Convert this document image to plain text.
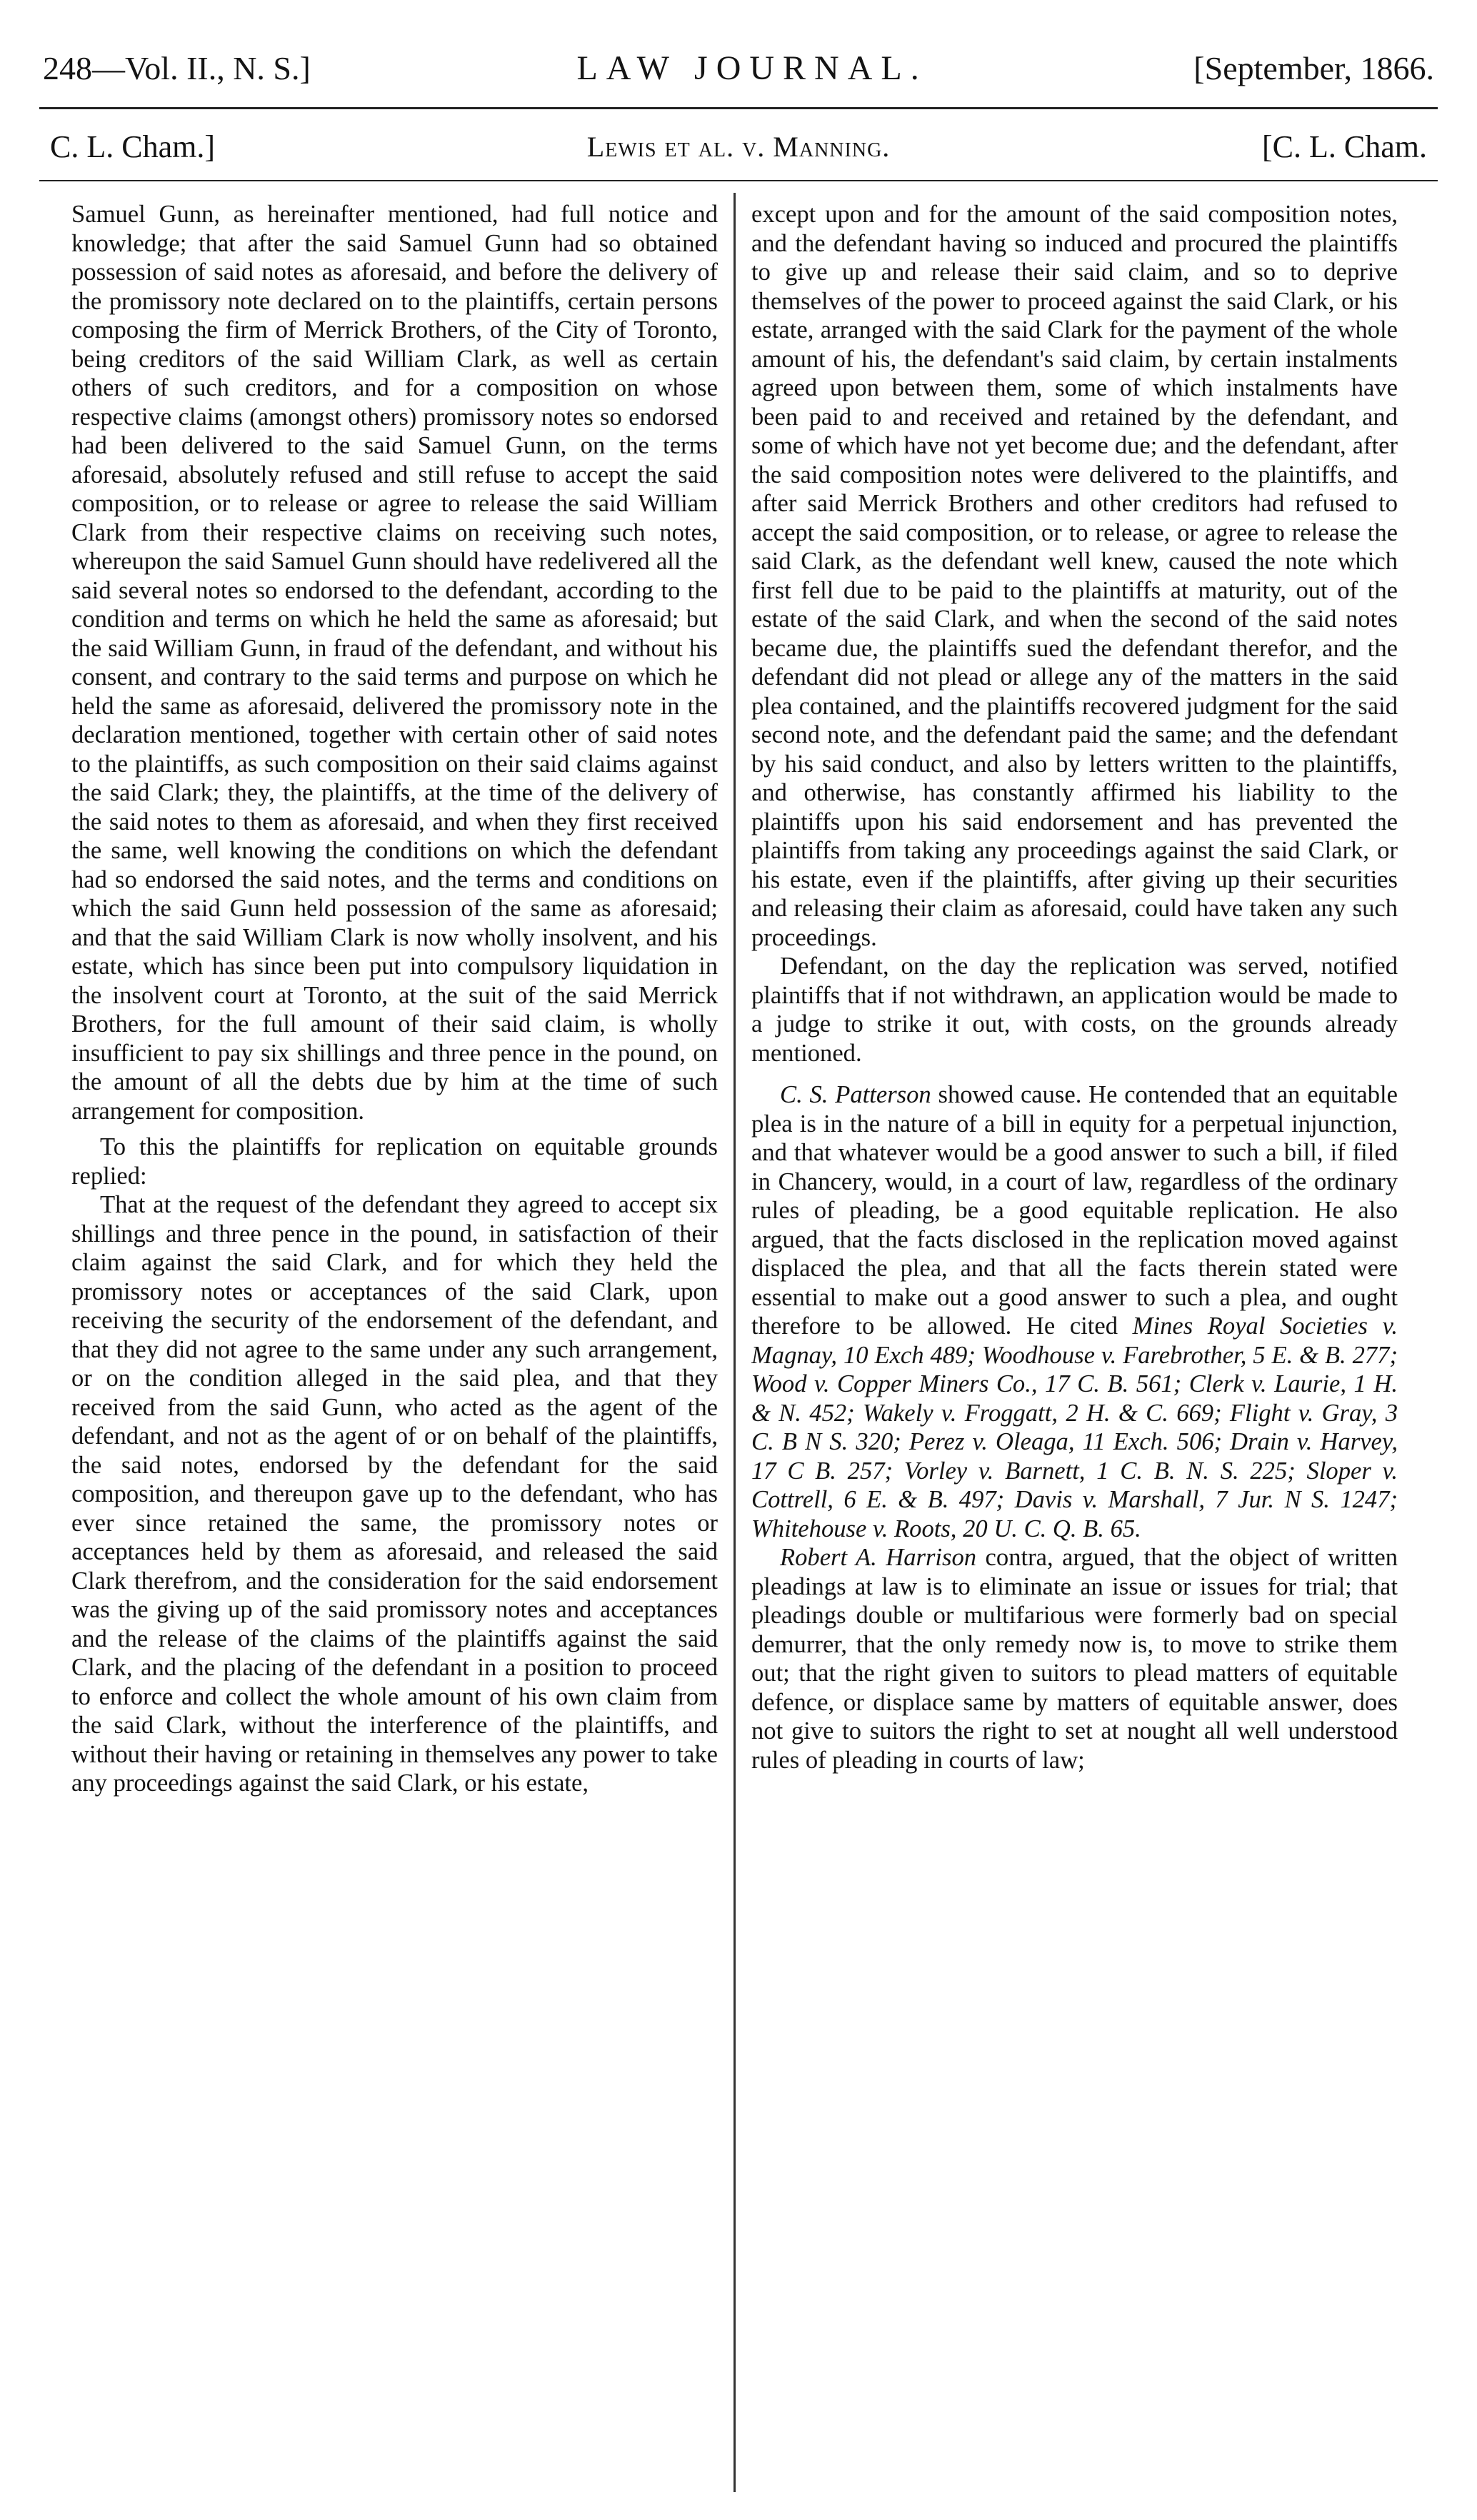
248—Vol. II., N. S.]	LAW JOURNAL.	[September, 1866.
C. L. Cham.]	Lewis et al. v. Manning.	[C. L. Cham.

Samuel Gunn, as hereinafter mentioned, had full notice and knowledge; that after the said Samuel Gunn had so obtained possession of said notes as aforesaid, and before the delivery of the promissory note declared on to the plaintiffs, certain persons composing the firm of Merrick Brothers, of the City of Toronto, being creditors of the said William Clark, as well as certain others of such creditors, and for a composition on whose respective claims (amongst others) promissory notes so endorsed had been delivered to the said Samuel Gunn, on the terms aforesaid, absolutely refused and still refuse to accept the said composition, or to release or agree to release the said William Clark from their respective claims on receiving such notes, whereupon the said Samuel Gunn should have redelivered all the said several notes so endorsed to the defendant, according to the condition and terms on which he held the same as aforesaid; but the said William Gunn, in fraud of the defendant, and without his consent, and contrary to the said terms and purpose on which he held the same as aforesaid, delivered the promissory note in the declaration mentioned, together with certain other of said notes to the plaintiffs, as such composition on their said claims against the said Clark; they, the plaintiffs, at the time of the delivery of the said notes to them as aforesaid, and when they first received the same, well knowing the conditions on which the defendant had so endorsed the said notes, and the terms and conditions on which the said Gunn held possession of the same as aforesaid; and that the said William Clark is now wholly insolvent, and his estate, which has since been put into compulsory liquidation in the insolvent court at Toronto, at the suit of the said Merrick Brothers, for the full amount of their said claim, is wholly insufficient to pay six shillings and three pence in the pound, on the amount of all the debts due by him at the time of such arrangement for composition.

To this the plaintiffs for replication on equitable grounds replied:

That at the request of the defendant they agreed to accept six shillings and three pence in the pound, in satisfaction of their claim against the said Clark, and for which they held the promissory notes or acceptances of the said Clark, upon receiving the security of the endorsement of the defendant, and that they did not agree to the same under any such arrangement, or on the condition alleged in the said plea, and that they received from the said Gunn, who acted as the agent of the defendant, and not as the agent of or on behalf of the plaintiffs, the said notes, endorsed by the defendant for the said composition, and thereupon gave up to the defendant, who has ever since retained the same, the promissory notes or acceptances held by them as aforesaid, and released the said Clark therefrom, and the consideration for the said endorsement was the giving up of the said promissory notes and acceptances and the release of the claims of the plaintiffs against the said Clark, and the placing of the defendant in a position to proceed to enforce and collect the whole amount of his own claim from the said Clark, without the interference of the plaintiffs, and without their having or retaining in themselves any power to take any proceedings against the said Clark, or his estate,

except upon and for the amount of the said composition notes, and the defendant having so induced and procured the plaintiffs to give up and release their said claim, and so to deprive themselves of the power to proceed against the said Clark, or his estate, arranged with the said Clark for the payment of the whole amount of his, the defendant's said claim, by certain instalments agreed upon between them, some of which instalments have been paid to and received and retained by the defendant, and some of which have not yet become due; and the defendant, after the said composition notes were delivered to the plaintiffs, and after said Merrick Brothers and other creditors had refused to accept the said composition, or to release, or agree to release the said Clark, as the defendant well knew, caused the note which first fell due to be paid to the plaintiffs at maturity, out of the estate of the said Clark, and when the second of the said notes became due, the plaintiffs sued the defendant therefor, and the defendant did not plead or allege any of the matters in the said plea contained, and the plaintiffs recovered judgment for the said second note, and the defendant paid the same; and the defendant by his said conduct, and also by letters written to the plaintiffs, and otherwise, has constantly affirmed his liability to the plaintiffs upon his said endorsement and has prevented the plaintiffs from taking any proceedings against the said Clark, or his estate, even if the plaintiffs, after giving up their securities and releasing their claim as aforesaid, could have taken any such proceedings.

Defendant, on the day the replication was served, notified plaintiffs that if not withdrawn, an application would be made to a judge to strike it out, with costs, on the grounds already mentioned.

C. S. Patterson showed cause. He contended that an equitable plea is in the nature of a bill in equity for a perpetual injunction, and that whatever would be a good answer to such a bill, if filed in Chancery, would, in a court of law, regardless of the ordinary rules of pleading, be a good equitable replication. He also argued, that the facts disclosed in the replication moved against displaced the plea, and that all the facts therein stated were essential to make out a good answer to such a plea, and ought therefore to be allowed. He cited Mines Royal Societies v. Magnay, 10 Exch 489; Woodhouse v. Farebrother, 5 E. & B. 277; Wood v. Copper Miners Co., 17 C. B. 561; Clerk v. Laurie, 1 H. & N. 452; Wakely v. Froggatt, 2 H. & C. 669; Flight v. Gray, 3 C. B N S. 320; Perez v. Oleaga, 11 Exch. 506; Drain v. Harvey, 17 C B. 257; Vorley v. Barnett, 1 C. B. N. S. 225; Sloper v. Cottrell, 6 E. & B. 497; Davis v. Marshall, 7 Jur. N S. 1247; Whitehouse v. Roots, 20 U. C. Q. B. 65.

Robert A. Harrison contra, argued, that the object of written pleadings at law is to eliminate an issue or issues for trial; that pleadings double or multifarious were formerly bad on special demurrer, that the only remedy now is, to move to strike them out; that the right given to suitors to plead matters of equitable defence, or displace same by matters of equitable answer, does not give to suitors the right to set at nought all well understood rules of pleading in courts of law;
